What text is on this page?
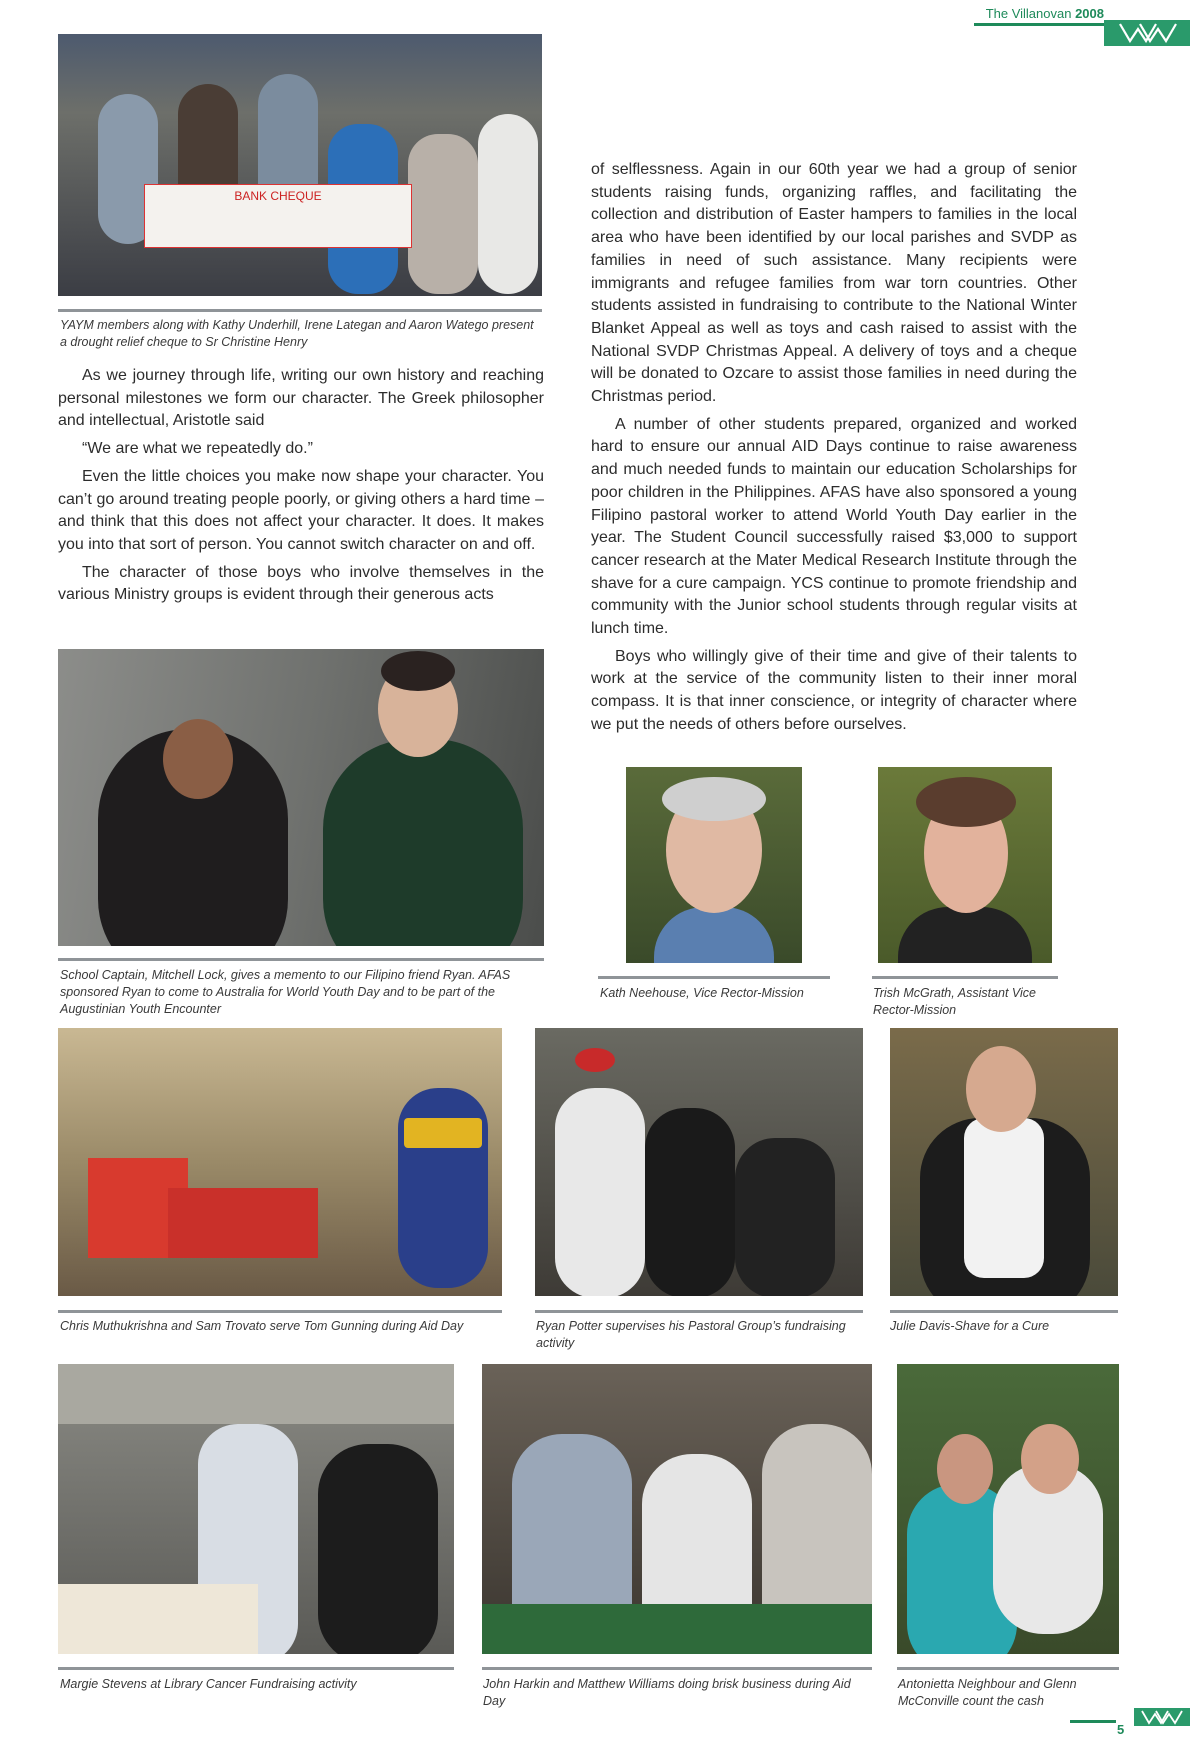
The Villanovan 2008
BANK CHEQUE
YAYM members along with Kathy Underhill, Irene Lategan and Aaron Watego present a drought relief cheque to Sr Christine Henry

As we journey through life, writing our own history and reaching personal milestones we form our character. The Greek philosopher and intellectual, Aristotle said

“We are what we repeatedly do.”

Even the little choices you make now shape your character. You can’t go around treating people poorly, or giving others a hard time – and think that this does not affect your character. It does. It makes you into that sort of person. You cannot switch character on and off.

The character of those boys who involve themselves in the various Ministry groups is evident through their generous acts

School Captain, Mitchell Lock, gives a memento to our Filipino friend Ryan. AFAS sponsored Ryan to come to Australia for World Youth Day and to be part of the Augustinian Youth Encounter

of selflessness. Again in our 60th year we had a group of senior students raising funds, organizing raffles, and facilitating the collection and distribution of Easter hampers to families in the local area who have been identified by our local parishes and SVDP as families in need of such assistance. Many recipients were immigrants and refugee families from war torn countries. Other students assisted in fundraising to contribute to the National Winter Blanket Appeal as well as toys and cash raised to assist with the National SVDP Christmas Appeal. A delivery of toys and a cheque will be donated to Ozcare to assist those families in need during the Christmas period.

A number of other students prepared, organized and worked hard to ensure our annual AID Days continue to raise awareness and much needed funds to maintain our education Scholarships for poor children in the Philippines. AFAS have also sponsored a young Filipino pastoral worker to attend World Youth Day earlier in the year. The Student Council successfully raised $3,000 to support cancer research at the Mater Medical Research Institute through the shave for a cure campaign. YCS continue to promote friendship and community with the Junior school students through regular visits at lunch time.

Boys who willingly give of their time and give of their talents to work at the service of the community listen to their inner moral compass. It is that inner conscience, or integrity of character where we put the needs of others before ourselves.

Kath Neehouse, Vice Rector-Mission	Trish McGrath, Assistant Vice Rector-Mission
Chris Muthukrishna and Sam Trovato serve Tom Gunning during Aid Day	Ryan Potter supervises his Pastoral Group’s fundraising activity
Julie Davis-Shave for a Cure
Margie Stevens at Library Cancer Fundraising activity	John Harkin and Matthew Williams doing brisk business during Aid Day
Antonietta Neighbour and Glenn McConville count the cash
5
